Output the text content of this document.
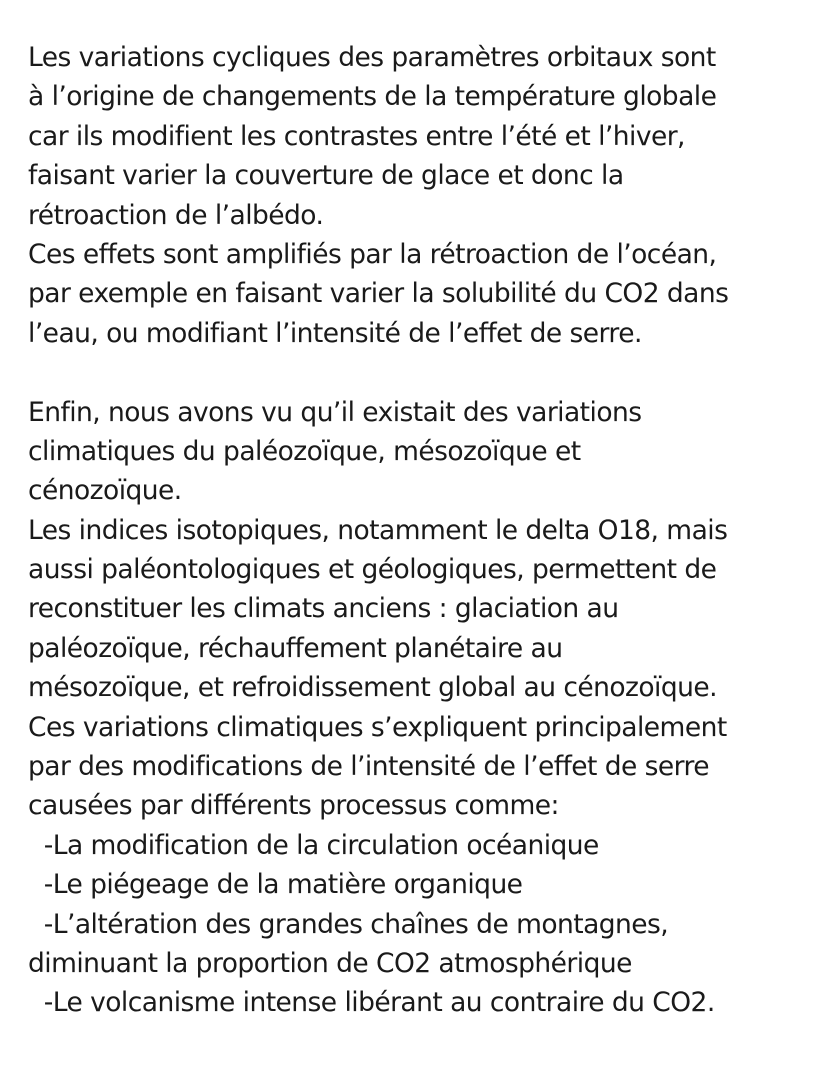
Les variations cycliques des paramètres orbitaux sont
à l’origine de changements de la température globale
car ils modifient les contrastes entre l’été et l’hiver,
faisant varier la couverture de glace et donc la
rétroaction de l’albédo.
Ces effets sont amplifiés par la rétroaction de l’océan,
par exemple en faisant varier la solubilité du CO2 dans
l’eau, ou modifiant l’intensité de l’effet de serre.
Enfin, nous avons vu qu’il existait des variations
climatiques du paléozoïque, mésozoïque et
cénozoïque.
Les indices isotopiques, notamment le delta O18, mais
aussi paléontologiques et géologiques, permettent de
reconstituer les climats anciens : glaciation au
paléozoïque, réchauffement planétaire au
mésozoïque, et refroidissement global au cénozoïque.
Ces variations climatiques s’expliquent principalement
par des modifications de l’intensité de l’effet de serre
causées par différents processus comme:
-La modification de la circulation océanique
-Le piégeage de la matière organique
-L’altération des grandes chaînes de montagnes,
diminuant la proportion de CO2 atmosphérique
-Le volcanisme intense libérant au contraire du CO2.
